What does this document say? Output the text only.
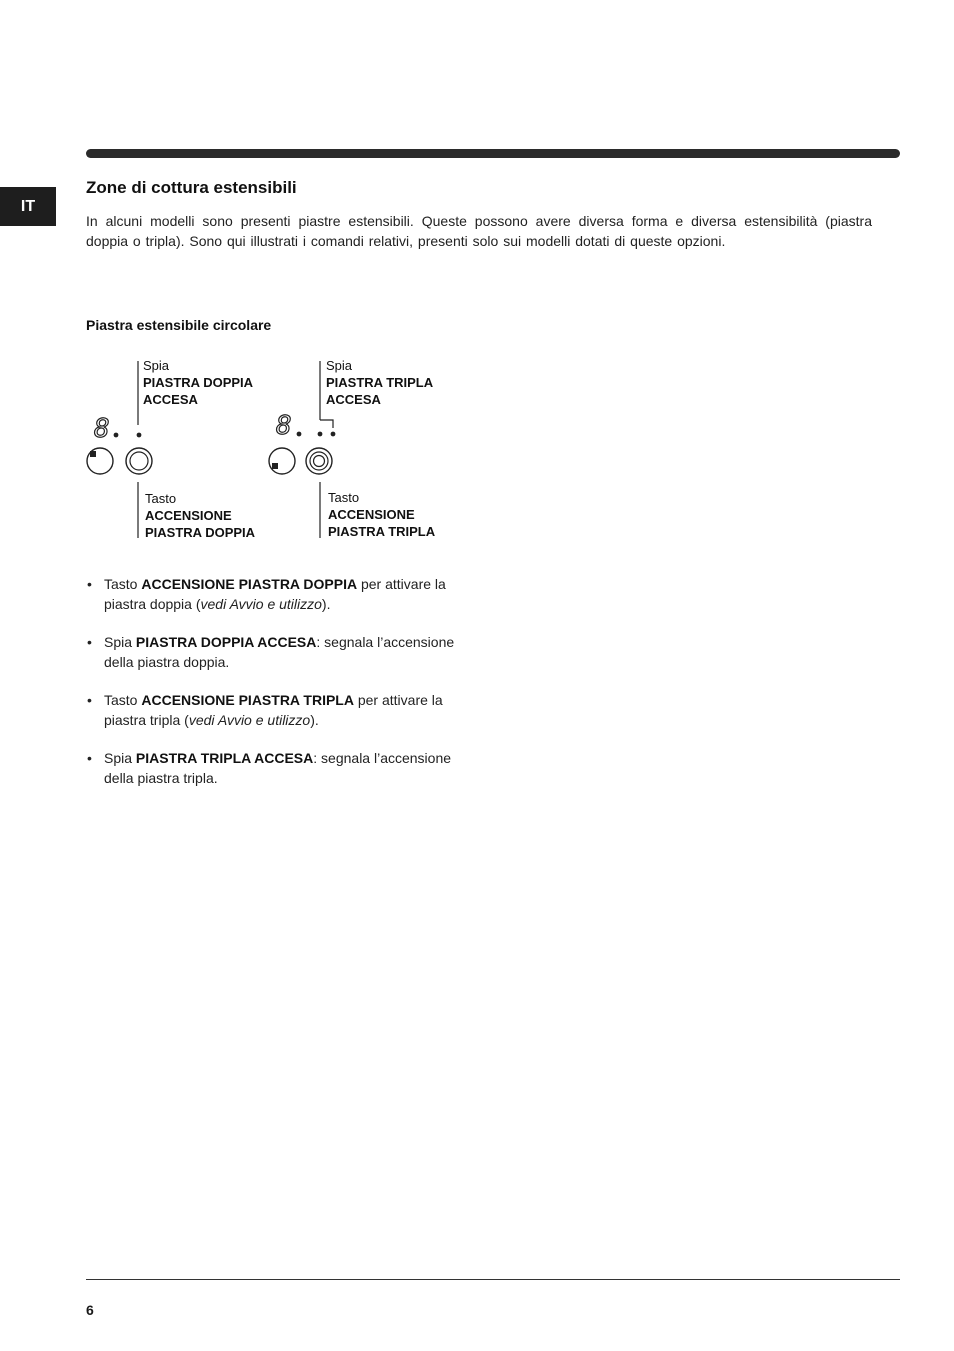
IT
Zone di cottura estensibili

In alcuni modelli sono presenti piastre estensibili. Queste possono avere diversa forma e diversa estensibilità (piastra doppia o tripla). Sono qui illustrati i comandi relativi, presenti solo sui modelli dotati di queste opzioni.

Piastra estensibile circolare
8	8
Spia
PIASTRA DOPPIA
ACCESA
Spia
PIASTRA TRIPLA
ACCESA
Tasto
ACCENSIONE
PIASTRA DOPPIA
Tasto
ACCENSIONE
PIASTRA TRIPLA
• Tasto ACCENSIONE PIASTRA DOPPIA per attivare la piastra doppia (vedi Avvio e utilizzo).
• Spia PIASTRA DOPPIA ACCESA: segnala l’accensione della piastra doppia.
• Tasto ACCENSIONE PIASTRA TRIPLA per attivare la piastra tripla (vedi Avvio e utilizzo).
• Spia PIASTRA TRIPLA ACCESA: segnala l’accensione della piastra tripla.
6
